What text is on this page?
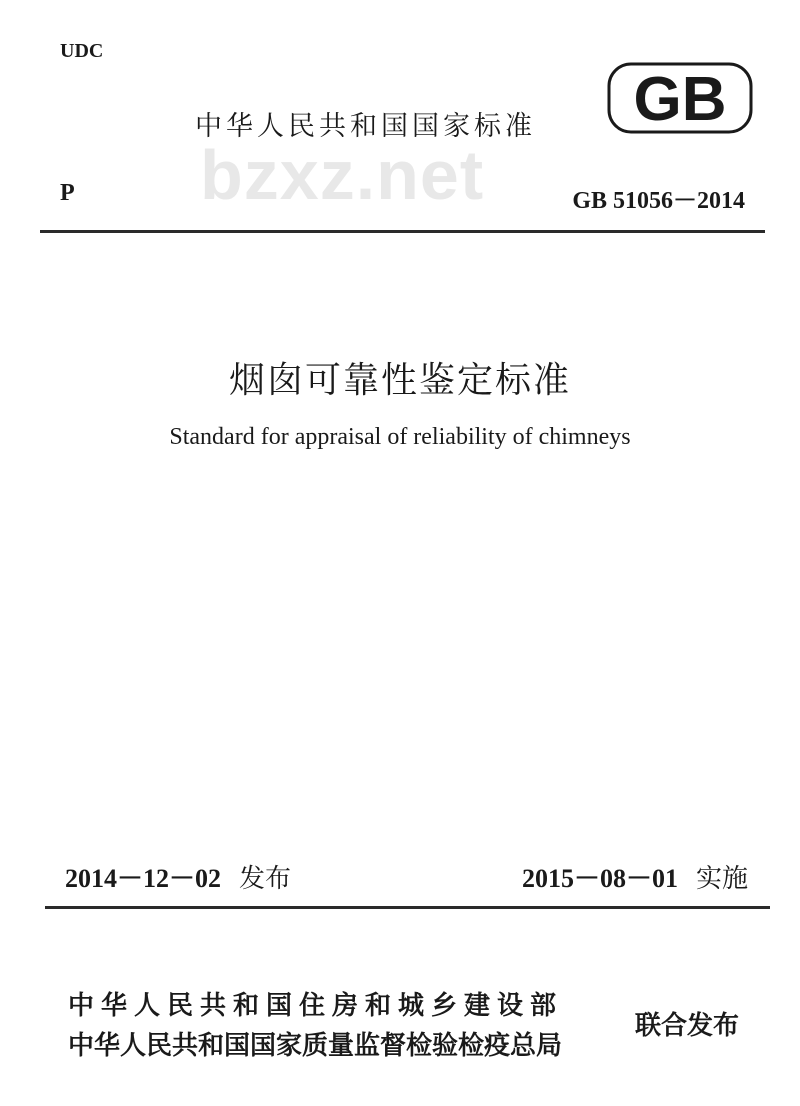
UDC
中华人民共和国国家标准 GB
bzxz.net
P	GB 51056－2014
烟囱可靠性鉴定标准
Standard for appraisal of reliability of chimneys
2014－12－02 发布	2015－08－01 实施
中华人民共和国住房和城乡建设部
中华人民共和国国家质量监督检验检疫总局
联合发布
